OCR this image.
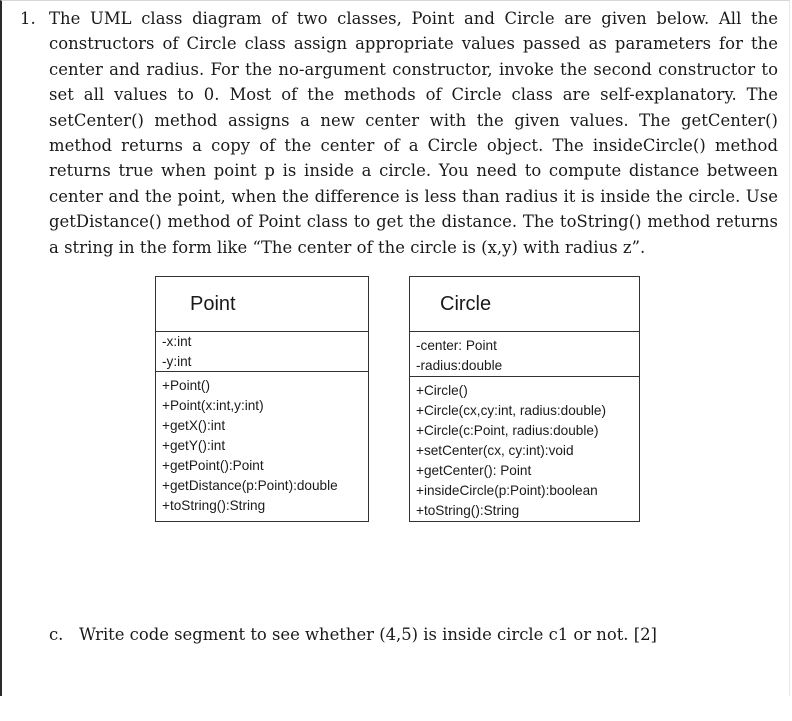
1. The UML class diagram of two classes, Point and Circle are given below. All the constructors of Circle class assign appropriate values passed as parameters for the center and radius. For the no-argument constructor, invoke the second constructor to set all values to 0. Most of the methods of Circle class are self-explanatory. The setCenter() method assigns a new center with the given values. The getCenter() method returns a copy of the center of a Circle object. The insideCircle() method returns true when point p is inside a circle. You need to compute distance between center and the point, when the difference is less than radius it is inside the circle. Use getDistance() method of Point class to get the distance. The toString() method returns a string in the form like “The center of the circle is (x,y) with radius z”.
Point
-x:int
-y:int
+Point()
+Point(x:int,y:int)
+getX():int
+getY():int
+getPoint():Point
+getDistance(p:Point):double
+toString():String
Circle
-center: Point
-radius:double
+Circle()
+Circle(cx,cy:int, radius:double)
+Circle(c:Point, radius:double)
+setCenter(cx, cy:int):void
+getCenter(): Point
+insideCircle(p:Point):boolean
+toString():String
c. Write code segment to see whether (4,5) is inside circle c1 or not. [2]
